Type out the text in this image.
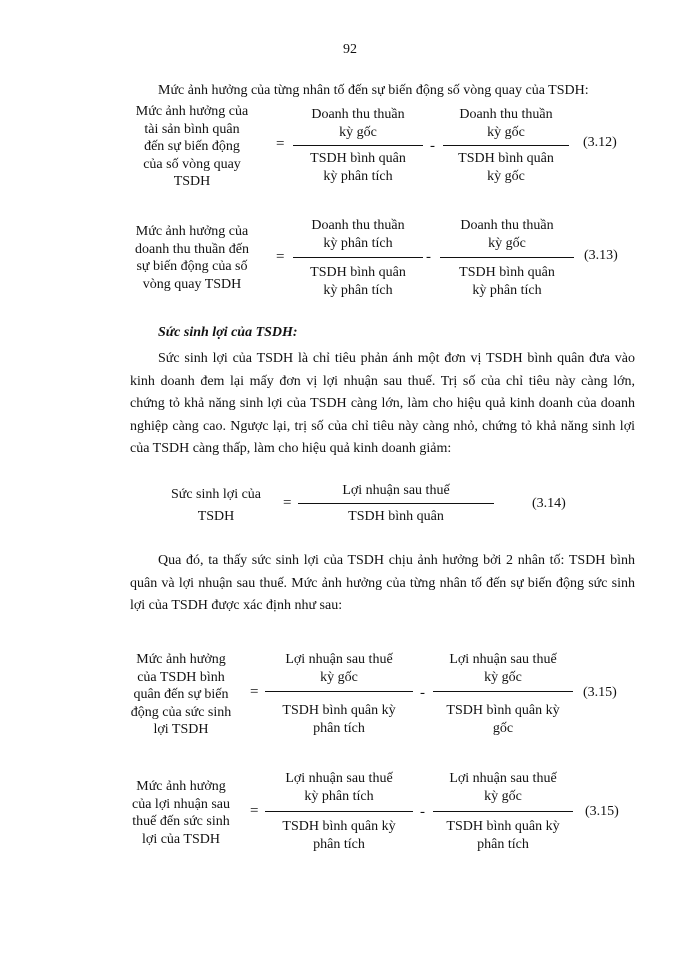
92
Mức ảnh hưởng của từng nhân tố đến sự biến động số vòng quay của TSDH:
Mức ảnh hưởng của
tài sản bình quân
đến sự biến động
của số vòng quay
TSDH
=
Doanh thu thuần
kỳ gốc
TSDH bình quân
kỳ phân tích
-
Doanh thu thuần
kỳ gốc
TSDH bình quân
kỳ gốc
(3.12)
Mức ảnh hưởng của
doanh thu thuần đến
sự biến động của số
vòng quay TSDH
=
Doanh thu thuần
kỳ phân tích
TSDH bình quân
kỳ phân tích
-
Doanh thu thuần
kỳ gốc
TSDH bình quân
kỳ phân tích
(3.13)
Sức sinh lợi của TSDH:
Sức sinh lợi của TSDH là chỉ tiêu phản ánh một đơn vị TSDH bình quân đưa vào kinh doanh đem lại mấy đơn vị lợi nhuận sau thuế. Trị số của chỉ tiêu này càng lớn, chứng tỏ khả năng sinh lợi của TSDH càng lớn, làm cho hiệu quả kinh doanh của doanh nghiệp càng cao. Ngược lại, trị số của chỉ tiêu này càng nhỏ, chứng tỏ khả năng sinh lợi của TSDH càng thấp, làm cho hiệu quả kinh doanh giảm:
Sức sinh lợi của
TSDH
=
Lợi nhuận sau thuế
TSDH bình quân
(3.14)
Qua đó, ta thấy sức sinh lợi của TSDH chịu ảnh hưởng bởi 2 nhân tố: TSDH bình quân và lợi nhuận sau thuế. Mức ảnh hưởng của từng nhân tố đến sự biến động sức sinh lợi của TSDH được xác định như sau:
Mức ảnh hưởng
của TSDH bình
quân đến sự biến
động của sức sinh
lợi TSDH
=
Lợi nhuận sau thuế
kỳ gốc
TSDH bình quân kỳ
phân tích
-
Lợi nhuận sau thuế
kỳ gốc
TSDH bình quân kỳ
gốc
(3.15)
Mức ảnh hưởng
của lợi nhuận sau
thuế đến sức sinh
lợi của TSDH
=
Lợi nhuận sau thuế
kỳ phân tích
TSDH bình quân kỳ
phân tích
-
Lợi nhuận sau thuế
kỳ gốc
TSDH bình quân kỳ
phân tích
(3.15)
